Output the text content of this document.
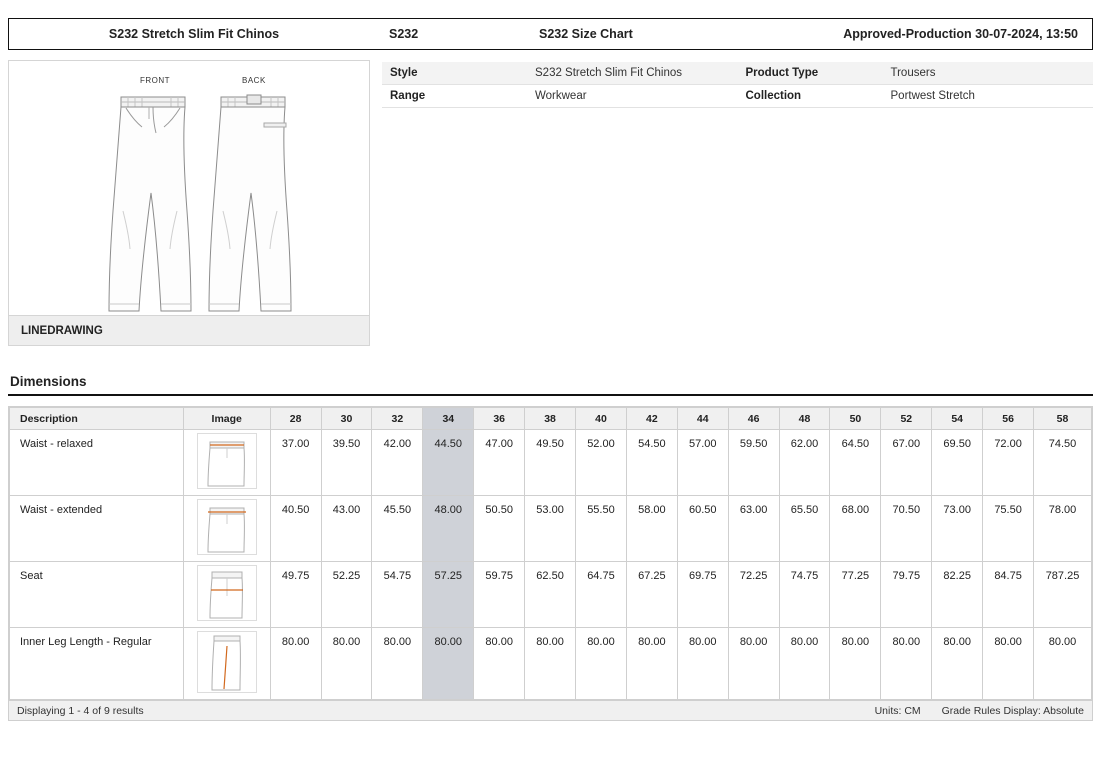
S232 Stretch Slim Fit Chinos	S232	S232 Size Chart	Approved-Production 30-07-2024, 13:50
FRONT	BACK
LINEDRAWING
Style	S232 Stretch Slim Fit Chinos
Range	Workwear
Product Type	Trousers
Collection	Portwest Stretch
Dimensions
Description	Image	28	30	32	34	36	38	40	42	44	46	48	50	52	54	56	58
Waist - relaxed		37.00	39.50	42.00	44.50	47.00	49.50	52.00	54.50	57.00	59.50	62.00	64.50	67.00	69.50	72.00	74.50
Waist - extended		40.50	43.00	45.50	48.00	50.50	53.00	55.50	58.00	60.50	63.00	65.50	68.00	70.50	73.00	75.50	78.00
Seat		49.75	52.25	54.75	57.25	59.75	62.50	64.75	67.25	69.75	72.25	74.75	77.25	79.75	82.25	84.75	787.25
Inner Leg Length - Regular		80.00	80.00	80.00	80.00	80.00	80.00	80.00	80.00	80.00	80.00	80.00	80.00	80.00	80.00	80.00	80.00
Displaying 1 - 4 of 9 results	Units: CM Grade Rules Display: Absolute
